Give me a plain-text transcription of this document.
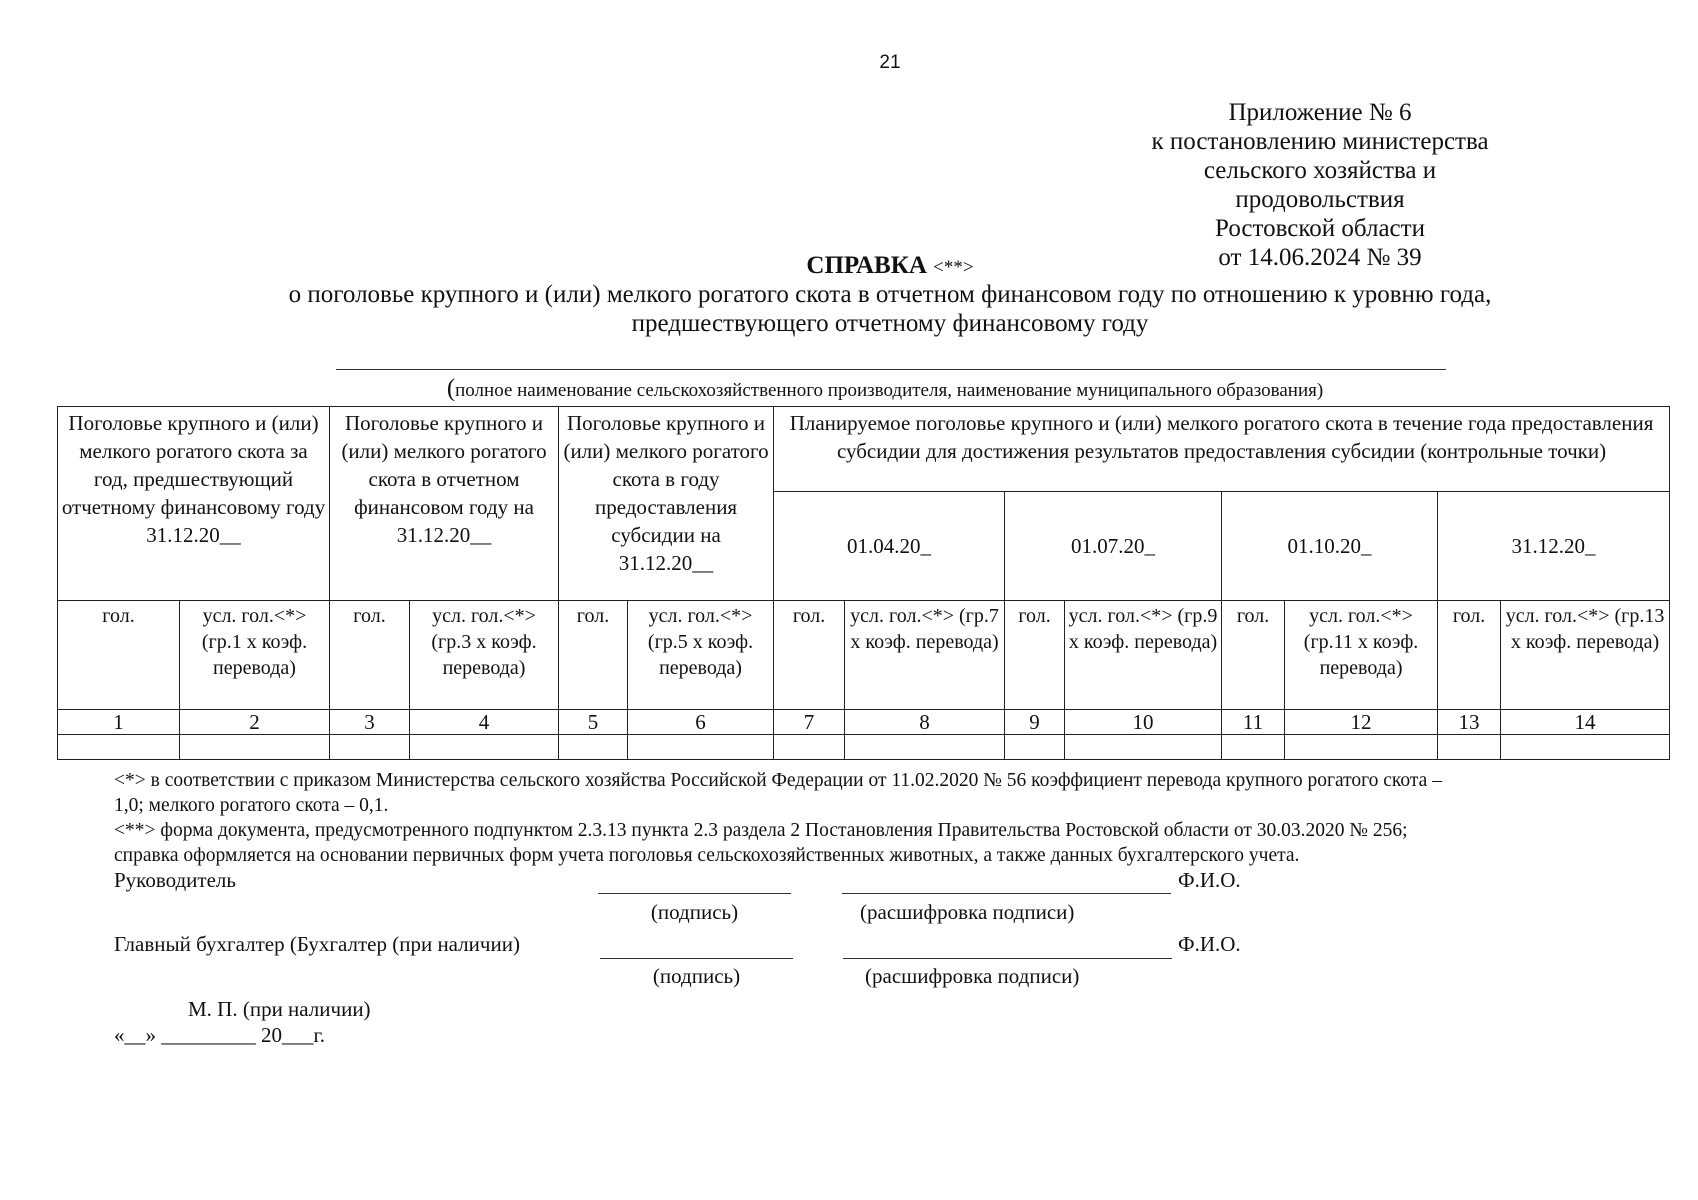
21
Приложение № 6
к постановлению министерства
сельского хозяйства и продовольствия
Ростовской области
от 14.06.2024 № 39
СПРАВКА <**>
о поголовье крупного и (или) мелкого рогатого скота в отчетном финансовом году по отношению к уровню года,
предшествующего отчетному финансовому году
(полное наименование сельскохозяйственного производителя, наименование муниципального образования)
Поголовье крупного и (или) мелкого рогатого скота за год, предшествующий отчетному финансовому году 31.12.20__		Поголовье крупного и (или) мелкого рогатого скота в отчетном финансовом году на 31.12.20__		Поголовье крупного и (или) мелкого рогатого скота в году предоставления субсидии на 31.12.20__		Планируемое поголовье крупного и (или) мелкого рогатого скота в течение года предоставления субсидии для достижения результатов предоставления субсидии (контрольные точки)							
						01.04.20_		01.07.20_		01.10.20_		31.12.20_	
гол.	усл. гол.<*> (гр.1 х коэф. перевода)	гол.	усл. гол.<*> (гр.3 х коэф. перевода)	гол.	усл. гол.<*> (гр.5 х коэф. перевода)	гол.	усл. гол.<*> (гр.7 х коэф. перевода)	гол.	усл. гол.<*> (гр.9 х коэф. перевода)	гол.	усл. гол.<*> (гр.11 х коэф. перевода)	гол.	усл. гол.<*> (гр.13 х коэф. перевода)
1	2	3	4	5	6	7	8	9	10	11	12	13	14

<*> в соответствии с приказом Министерства сельского хозяйства Российской Федерации от 11.02.2020 № 56 коэффициент перевода крупного рогатого скота –
1,0; мелкого рогатого скота – 0,1.
<**> форма документа, предусмотренного подпунктом 2.3.13 пункта 2.3 раздела 2 Постановления Правительства Ростовской области от 30.03.2020 № 256;
справка оформляется на основании первичных форм учета поголовья сельскохозяйственных животных, а также данных бухгалтерского учета.
Руководитель	Ф.И.О.
(подпись)	(расшифровка подписи)
Главный бухгалтер (Бухгалтер (при наличии)	Ф.И.О.
(подпись)	(расшифровка подписи)
М. П. (при наличии)
«__» _________ 20___г.
